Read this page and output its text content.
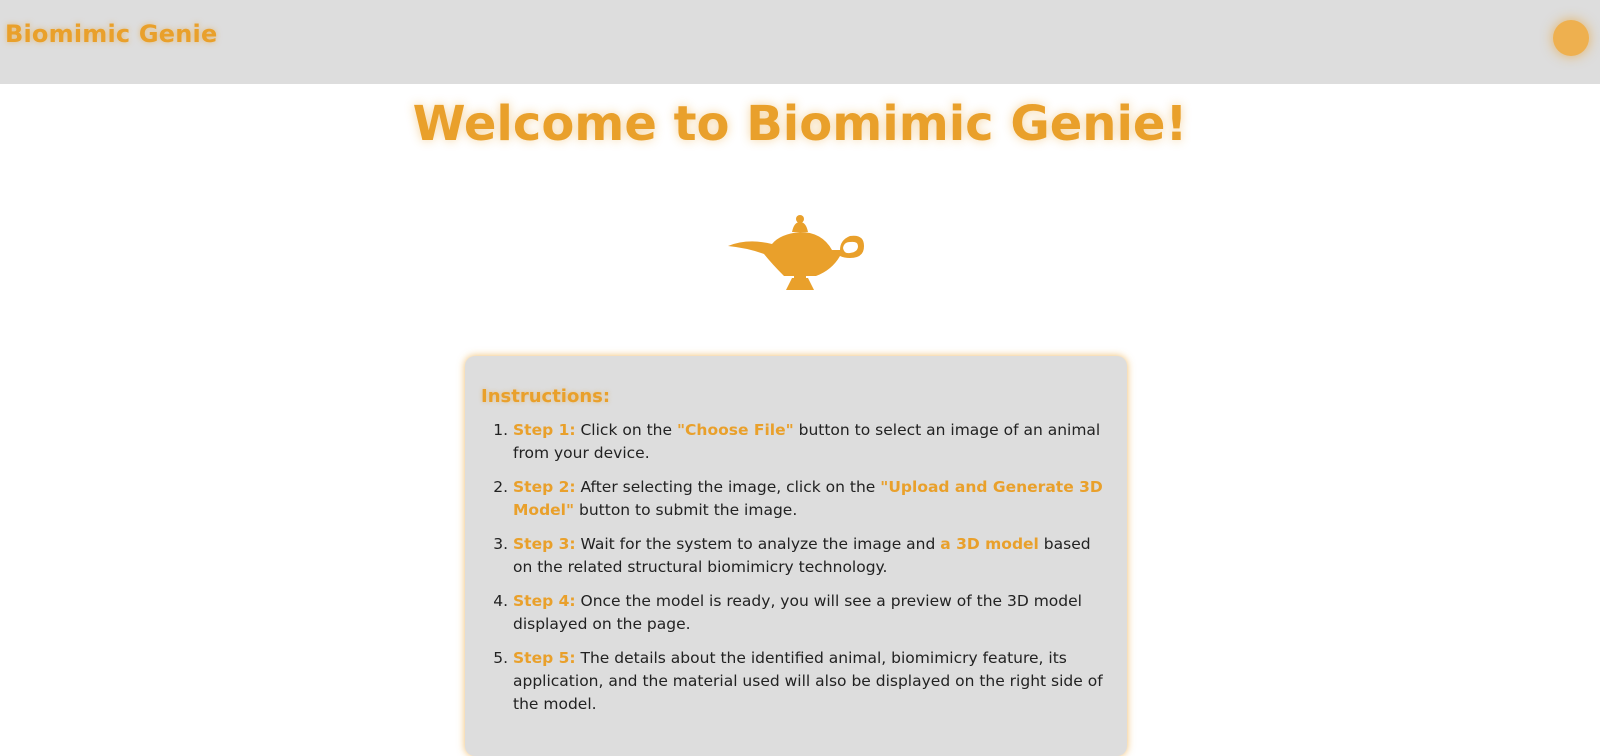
Biomimic Genie
Welcome to Biomimic Genie!
Instructions:
1. Step 1: Click on the "Choose File" button to select an image of an animal from your device.
2. Step 2: After selecting the image, click on the "Upload and Generate 3D Model" button to submit the image.
3. Step 3: Wait for the system to analyze the image and a 3D model based on the related structural biomimicry technology.
4. Step 4: Once the model is ready, you will see a preview of the 3D model displayed on the page.
5. Step 5: The details about the identified animal, biomimicry feature, its application, and the material used will also be displayed on the right side of the model.
